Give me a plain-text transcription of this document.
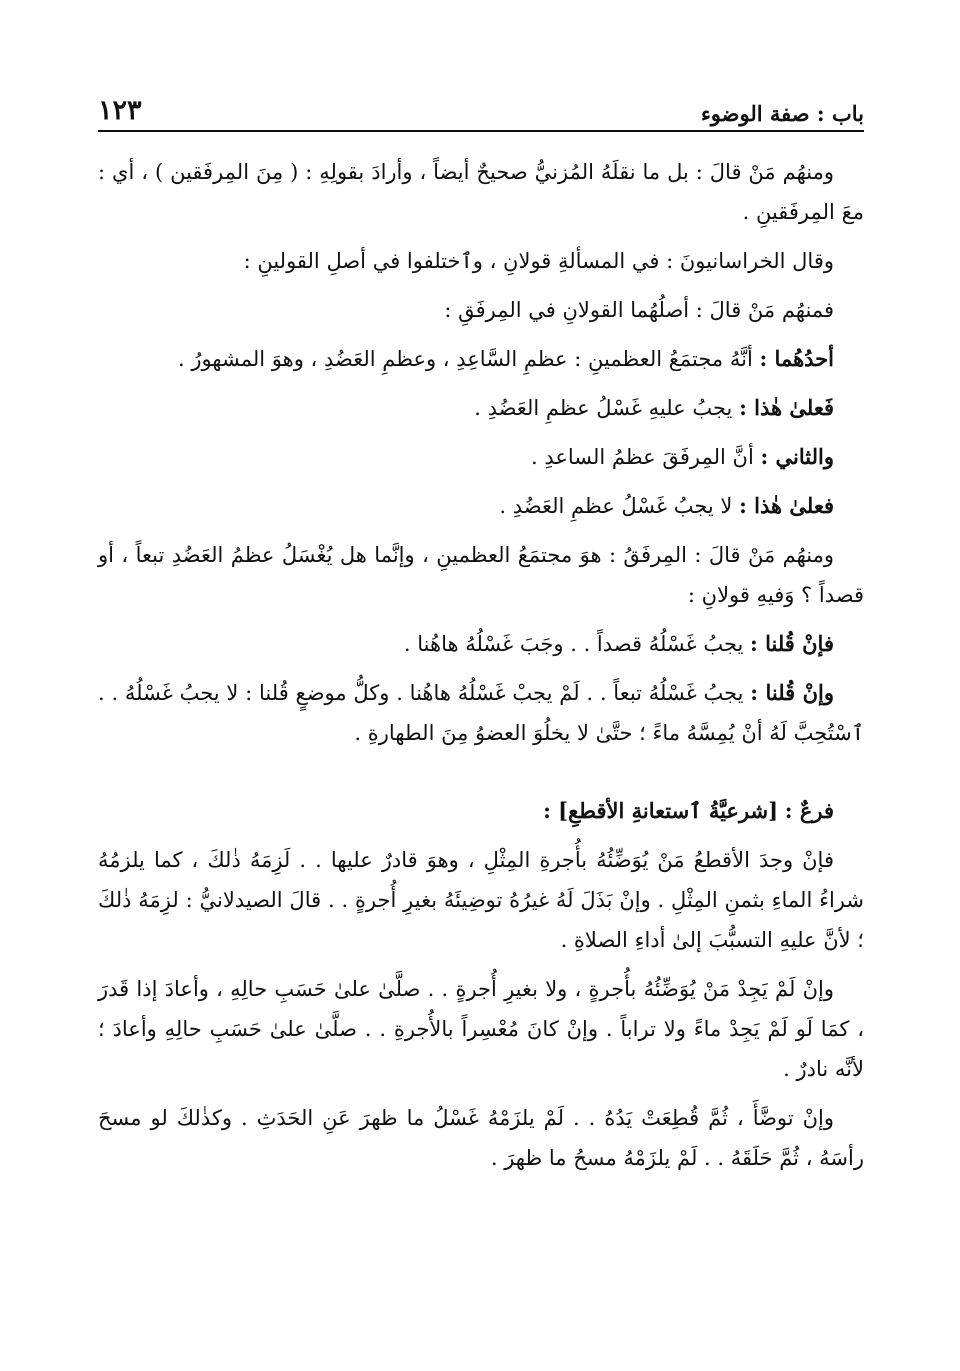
باب : صفة الوضوء
١٢٣

ومنهُم مَنْ قالَ : بل ما نقلَهُ المُزنيُّ صحيحٌ أيضاً ، وأرادَ بقولِهِ : ( مِنَ المِرفَقين ) ، أي : معَ المِرفَقينِ .

وقال الخراسانيونَ : في المسألةِ قولانِ ، وٱختلفوا في أصلِ القولينِ :

فمنهُم مَنْ قالَ : أصلُهُما القولانِ في المِرفَقِ :

أحدُهُما : أنَّهُ مجتمَعُ العظمينِ : عظمِ السَّاعِدِ ، وعظمِ العَضُدِ ، وهوَ المشهورُ .

فَعلىٰ هٰذا : يجبُ عليهِ غَسْلُ عظمِ العَضُدِ .

والثاني : أنَّ المِرفَقَ عظمُ الساعدِ .

فعلىٰ هٰذا : لا يجبُ غَسْلُ عظمِ العَضُدِ .

ومنهُم مَنْ قالَ : المِرفَقُ : هوَ مجتمَعُ العظمينِ ، وإنَّما هل يُغْسَلُ عظمُ العَضُدِ تبعاً ، أو قصداً ؟ وَفيهِ قولانِ :

فإنْ قُلنا : يجبُ غَسْلُهُ قصداً . . وجَبَ غَسْلُهُ هاهُنا .

وإنْ قُلنا : يجبُ غَسْلُهُ تبعاً . . لَمْ يجبْ غَسْلُهُ هاهُنا . وكلُّ موضعٍ قُلنا : لا يجبُ غَسْلُهُ . . ٱسْتُحِبَّ لَهُ أنْ يُمِسَّهُ ماءً ؛ حتَّىٰ لا يخلُوَ العضوُ مِنَ الطهارةِ .

فرعٌ : [شرعيَّةُ ٱستعانةِ الأقطعِ] :

فإنْ وجدَ الأقطعُ مَنْ يُوَضِّئُهُ بأُجرةِ المِثْلِ ، وهوَ قادرٌ عليها . . لَزِمَهُ ذٰلكَ ، كما يلزمُهُ شراءُ الماءِ بثمنِ المِثْلِ . وإنْ بَذَلَ لَهُ غيرُهُ توضِيئَهُ بغيرِ أُجرةٍ . . قالَ الصيدلانيُّ : لزِمَهُ ذٰلكَ ؛ لأنَّ عليهِ التسبُّبَ إلىٰ أداءِ الصلاةِ .

وإنْ لَمْ يَجِدْ مَنْ يُوَضِّئُهُ بأُجرةٍ ، ولا بغيرِ أُجرةٍ . . صلَّىٰ علىٰ حَسَبِ حالِهِ ، وأعادَ إذا قَدرَ ، كمَا لَو لَمْ يَجِدْ ماءً ولا تراباً . وإنْ كانَ مُعْسِراً بالأُجرةِ . . صلَّىٰ علىٰ حَسَبِ حالِهِ وأعادَ ؛ لأنَّه نادرٌ .

وإنْ توضَّأَ ، ثُمَّ قُطِعَتْ يَدُهُ . . لَمْ يلزَمْهُ غَسْلُ ما ظهرَ عَنِ الحَدَثِ . وكذٰلكَ لو مسحَ رأسَهُ ، ثُمَّ حَلَقَهُ . . لَمْ يلزَمْهُ مسحُ ما ظهرَ .
